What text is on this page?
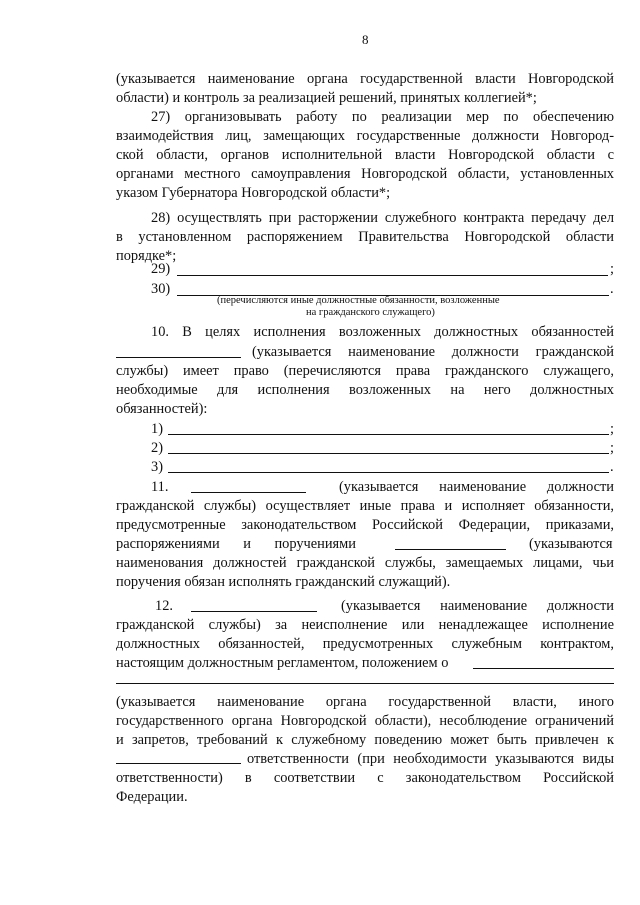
8
(указывается наименование органа государственной власти Новгородской
области) и контроль за реализацией решений, принятых коллегией*;
27) организовывать работу по реализации мер по обеспечению
взаимодействия лиц, замещающих государственные должности Новгород-
ской области, органов исполнительной власти Новгородской области с
органами местного самоуправления Новгородской области, установленных
указом Губернатора Новгородской области*;
28) осуществлять при расторжении служебного контракта передачу дел
в установленном распоряжением Правительства Новгородской области
порядке*;
29)	;
30)	.
(перечисляются иные должностные обязанности, возложенные
на гражданского служащего)
10. В целях исполнения возложенных должностных обязанностей
(указывается наименование должности гражданской
службы) имеет право (перечисляются права гражданского служащего,
необходимые для исполнения возложенных на него должностных
обязанностей):
1)	;
2)	;
3)	.
11.	(указывается наименование должности
гражданской службы) осуществляет иные права и исполняет обязанности,
предусмотренные законодательством Российской Федерации, приказами,
распоряжениями и поручениями	(указываются
наименования должностей гражданской службы, замещаемых лицами, чьи
поручения обязан исполнять гражданский служащий).
12.	(указывается наименование должности
гражданской службы) за неисполнение или ненадлежащее исполнение
должностных обязанностей, предусмотренных служебным контрактом,
настоящим должностным регламентом, положением о
(указывается наименование органа государственной власти, иного
государственного органа Новгородской области), несоблюдение ограничений
и запретов, требований к служебному поведению может быть привлечен к
ответственности (при необходимости указываются виды
ответственности) в соответствии с законодательством Российской
Федерации.
